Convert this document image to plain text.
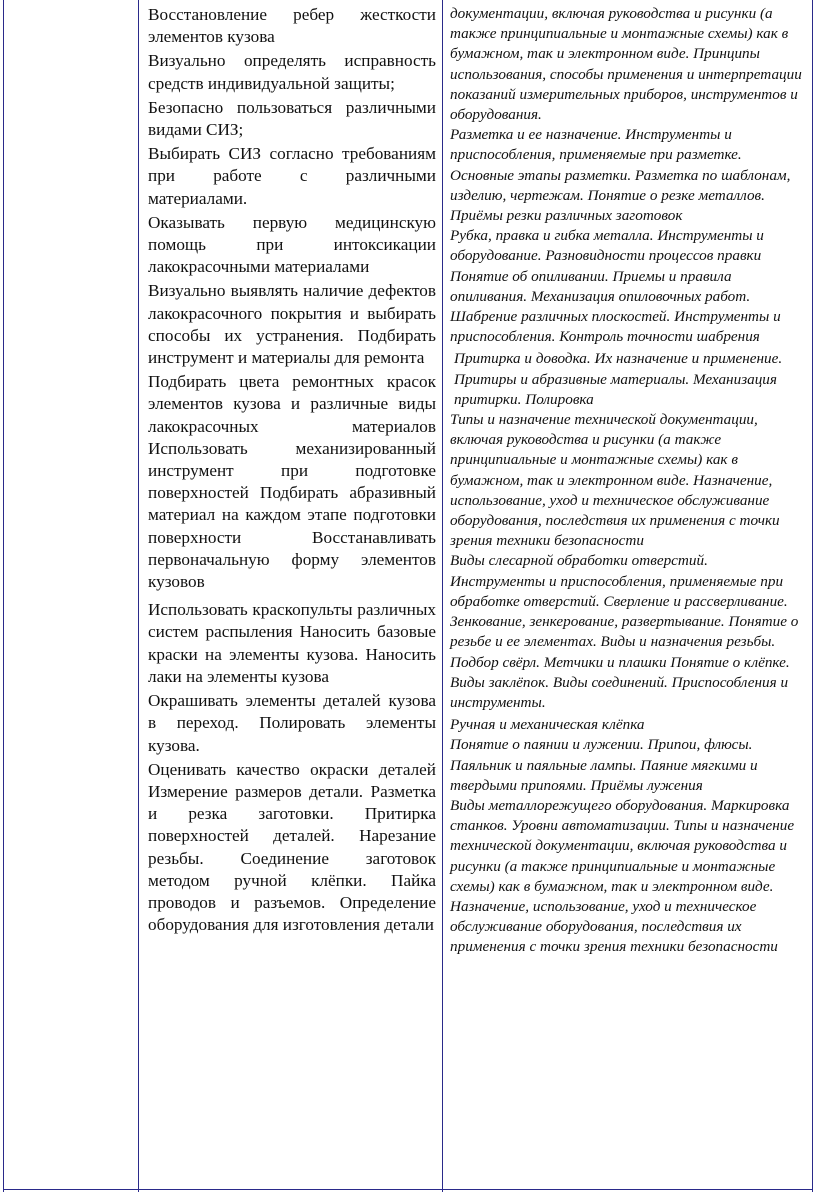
Восстановление ребер жесткости элементов кузова

Визуально определять исправность средств индивидуальной защиты;

Безопасно пользоваться различными видами СИЗ;

Выбирать СИЗ согласно требованиям при работе с различными материалами.

Оказывать первую медицинскую помощь при интоксикации лакокрасочными материалами

Визуально выявлять наличие дефектов лакокрасочного покрытия и выбирать способы их устранения. Подбирать инструмент и материалы для ремонта

Подбирать цвета ремонтных красок элементов кузова и различные виды лакокрасочных материалов Использовать механизированный инструмент при подготовке поверхностей Подбирать абразивный материал на каждом этапе подготовки поверхности Восстанавливать первоначальную форму элементов кузовов

Использовать краскопульты различных систем распыления Наносить базовые краски на элементы кузова. Наносить лаки на элементы кузова

Окрашивать элементы деталей кузова в переход. Полировать элементы кузова.

Оценивать качество окраски деталей Измерение размеров детали. Разметка и резка заготовки. Притирка поверхностей деталей. Нарезание резьбы. Соединение заготовок методом ручной клёпки. Пайка проводов и разъемов. Определение оборудования для изготовления детали

документации, включая руководства и рисунки (а также принципиальные и монтажные схемы) как в бумажном, так и электронном виде. Принципы использования, способы применения и интерпретации показаний измерительных приборов, инструментов и оборудования.

Разметка и ее назначение. Инструменты и приспособления, применяемые при разметке. Основные этапы разметки. Разметка по шаблонам, изделию, чертежам. Понятие о резке металлов. Приёмы резки различных заготовок

Рубка, правка и гибка металла. Инструменты и оборудование. Разновидности процессов правки

Понятие об опиливании. Приемы и правила опиливания. Механизация опиловочных работ. Шабрение различных плоскостей. Инструменты и приспособления. Контроль точности шабрения

Притирка и доводка. Их назначение и применение. Притиры и абразивные материалы. Механизация притирки. Полировка

Типы и назначение технической документации, включая руководства и рисунки (а также принципиальные и монтажные схемы) как в бумажном, так и электронном виде. Назначение, использование, уход и техническое обслуживание оборудования, последствия их применения с точки зрения техники безопасности

Виды слесарной обработки отверстий. Инструменты и приспособления, применяемые при обработке отверстий. Сверление и рассверливание. Зенкование, зенкерование, развертывание. Понятие о резьбе и ее элементах. Виды и назначения резьбы. Подбор свёрл. Метчики и плашки Понятие о клёпке. Виды заклёпок. Виды соединений. Приспособления и инструменты.

Ручная и механическая клёпка

Понятие о паянии и лужении. Припои, флюсы. Паяльник и паяльные лампы. Паяние мягкими и твердыми припоями. Приёмы лужения

Виды металлорежущего оборудования. Маркировка станков. Уровни автоматизации. Типы и назначение технической документации, включая руководства и рисунки (а также принципиальные и монтажные схемы) как в бумажном, так и электронном виде. Назначение, использование, уход и техническое обслуживание оборудования, последствия их применения с точки зрения техники безопасности
